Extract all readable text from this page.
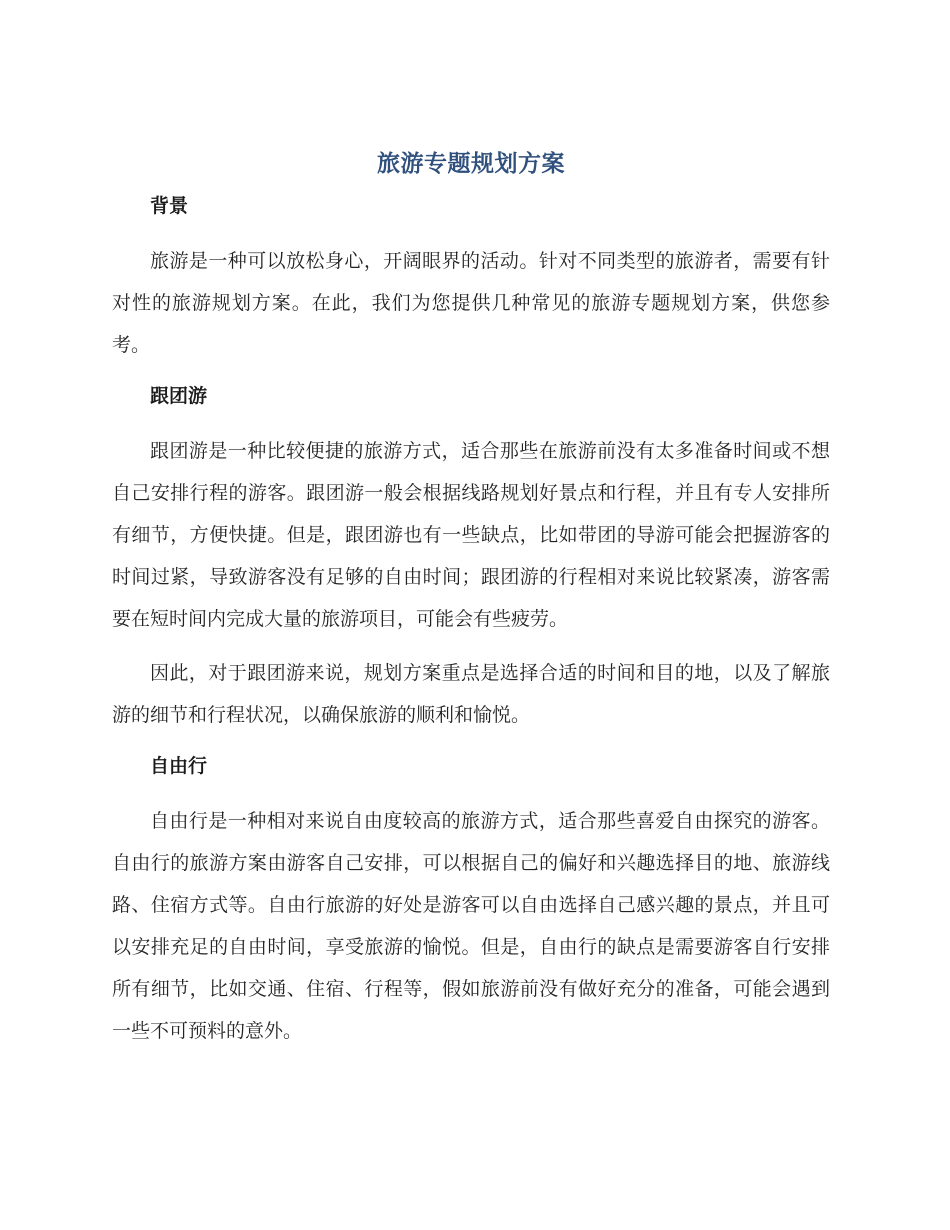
旅游专题规划方案
背景

旅游是一种可以放松身心，开阔眼界的活动。针对不同类型的旅游者，需要有针对性的旅游规划方案。在此，我们为您提供几种常见的旅游专题规划方案，供您参考。

跟团游

跟团游是一种比较便捷的旅游方式，适合那些在旅游前没有太多准备时间或不想自己安排行程的游客。跟团游一般会根据线路规划好景点和行程，并且有专人安排所有细节，方便快捷。但是，跟团游也有一些缺点，比如带团的导游可能会把握游客的时间过紧，导致游客没有足够的自由时间；跟团游的行程相对来说比较紧凑，游客需要在短时间内完成大量的旅游项目，可能会有些疲劳。

因此，对于跟团游来说，规划方案重点是选择合适的时间和目的地，以及了解旅游的细节和行程状况，以确保旅游的顺利和愉悦。

自由行

自由行是一种相对来说自由度较高的旅游方式，适合那些喜爱自由探究的游客。自由行的旅游方案由游客自己安排，可以根据自己的偏好和兴趣选择目的地、旅游线路、住宿方式等。自由行旅游的好处是游客可以自由选择自己感兴趣的景点，并且可以安排充足的自由时间，享受旅游的愉悦。但是，自由行的缺点是需要游客自行安排所有细节，比如交通、住宿、行程等，假如旅游前没有做好充分的准备，可能会遇到一些不可预料的意外。
